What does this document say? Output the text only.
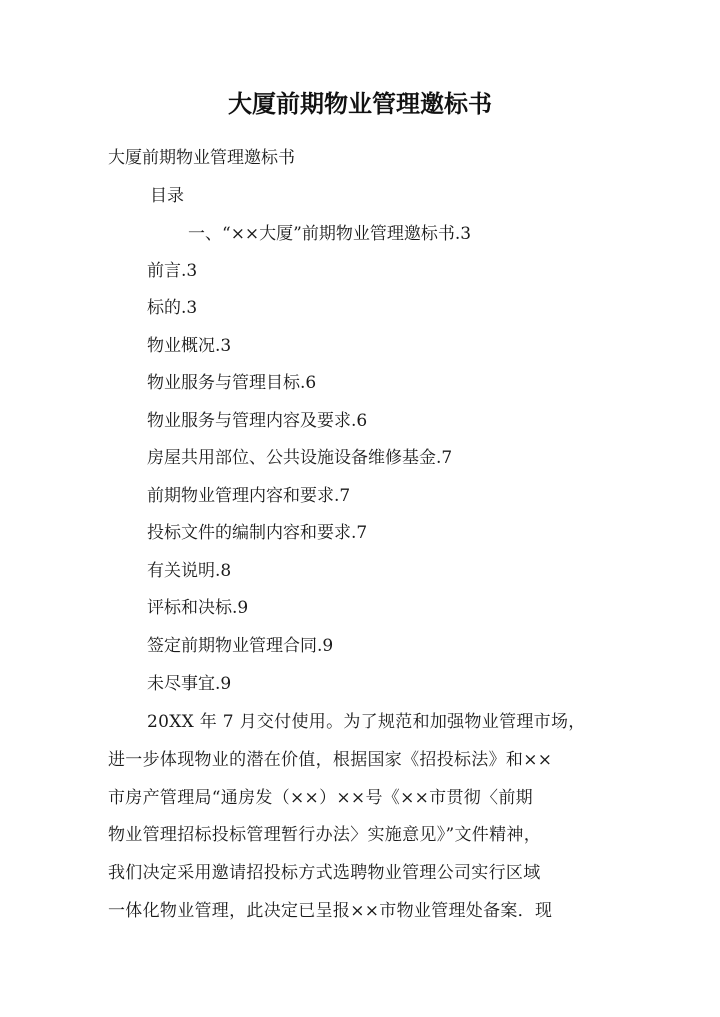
大厦前期物业管理邀标书
大厦前期物业管理邀标书
目录
一、“××大厦”前期物业管理邀标书.3
前言.3
标的.3
物业概况.3
物业服务与管理目标.6
物业服务与管理内容及要求.6
房屋共用部位、公共设施设备维修基金.7
前期物业管理内容和要求.7
投标文件的编制内容和要求.7
有关说明.8
评标和决标.9
签定前期物业管理合同.9
未尽事宜.9
20XX 年 7 月交付使用。为了规范和加强物业管理市场，
进一步体现物业的潜在价值，根据国家《招投标法》和××
市房产管理局“通房发（××）××号《××市贯彻〈前期
物业管理招标投标管理暂行办法〉实施意见》”文件精神，
我们决定采用邀请招投标方式选聘物业管理公司实行区域
一体化物业管理，此决定已呈报××市物业管理处备案．现
